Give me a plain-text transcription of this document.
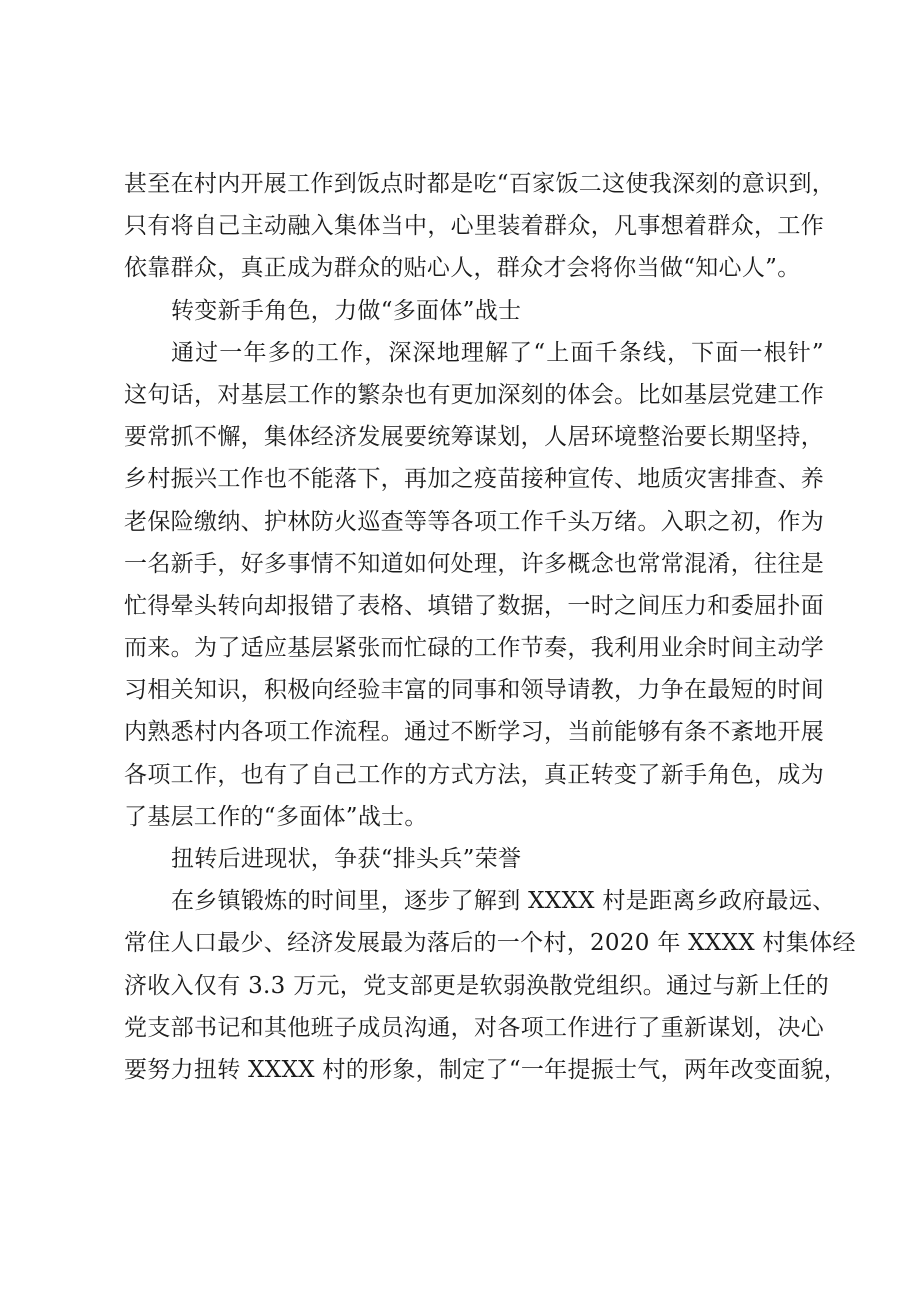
甚至在村内开展工作到饭点时都是吃“百家饭二这使我深刻的意识到，
只有将自己主动融入集体当中，心里装着群众，凡事想着群众，工作
依靠群众，真正成为群众的贴心人，群众才会将你当做“知心人”。
转变新手角色，力做“多面体”战士
通过一年多的工作，深深地理解了“上面千条线，下面一根针”
这句话，对基层工作的繁杂也有更加深刻的体会。比如基层党建工作
要常抓不懈，集体经济发展要统筹谋划，人居环境整治要长期坚持，
乡村振兴工作也不能落下，再加之疫苗接种宣传、地质灾害排查、养
老保险缴纳、护林防火巡查等等各项工作千头万绪。入职之初，作为
一名新手，好多事情不知道如何处理，许多概念也常常混淆，往往是
忙得晕头转向却报错了表格、填错了数据，一时之间压力和委屈扑面
而来。为了适应基层紧张而忙碌的工作节奏，我利用业余时间主动学
习相关知识，积极向经验丰富的同事和领导请教，力争在最短的时间
内熟悉村内各项工作流程。通过不断学习，当前能够有条不紊地开展
各项工作，也有了自己工作的方式方法，真正转变了新手角色，成为
了基层工作的“多面体”战士。
扭转后进现状，争获“排头兵”荣誉
在乡镇锻炼的时间里，逐步了解到 XXXX 村是距离乡政府最远、
常住人口最少、经济发展最为落后的一个村，2020 年 XXXX 村集体经
济收入仅有 3.3 万元，党支部更是软弱涣散党组织。通过与新上任的
党支部书记和其他班子成员沟通，对各项工作进行了重新谋划，决心
要努力扭转 XXXX 村的形象，制定了“一年提振士气，两年改变面貌，
